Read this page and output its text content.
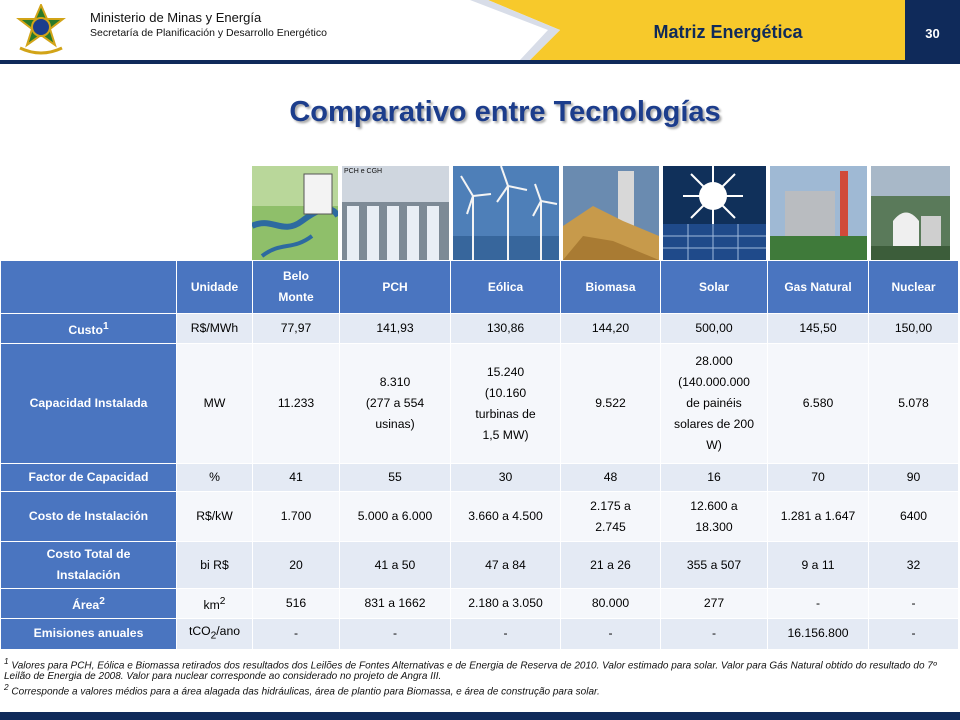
Ministerio de Minas y Energía
Secretaría de Planificación y Desarrollo Energético	Matriz Energética	30
Comparativo entre Tecnologías
PCH e CGH
	Unidade	Belo
Monte	PCH	Eólica	Biomasa	Solar	Gas Natural	Nuclear
Custo$^1$	R$/MWh	77,97	141,93	130,86	144,20	500,00	145,50	150,00
Capacidad Instalada	MW	11.233	8.310
(277 a 554
usinas)	15.240
(10.160
turbinas de
1,5 MW)	9.522	28.000
(140.000.000
de painéis
solares de 200
W)	6.580	5.078
Factor de Capacidad	%	41	55	30	48	16	70	90
Costo de Instalación	R$/kW	1.700	5.000 a 6.000	3.660 a 4.500	2.175 a
2.745	12.600 a
18.300	1.281 a 1.647	6400
Costo Total de
Instalación	bi R$	20	41 a 50	47 a 84	21 a 26	355 a 507	9 a 11	32
Área$^2$	$km^2$	516	831 a 1662	2.180 a 3.050	80.000	277	-	-
Emisiones anuales	tCO$_2$/ano	-	-	-	-	-	16.156.800	-

$^1$ Valores para PCH, Eólica e Biomassa retirados dos resultados dos Leilões de Fontes Alternativas e de Energia de Reserva de 2010. Valor estimado para solar. Valor para Gás Natural obtido do resultado do 7º Leilão de Energia de 2008. Valor para nuclear corresponde ao considerado no projeto de Angra III.

$^2$ Corresponde a valores médios para a área alagada das hidráulicas, área de plantio para Biomassa, e área de construção para solar.
